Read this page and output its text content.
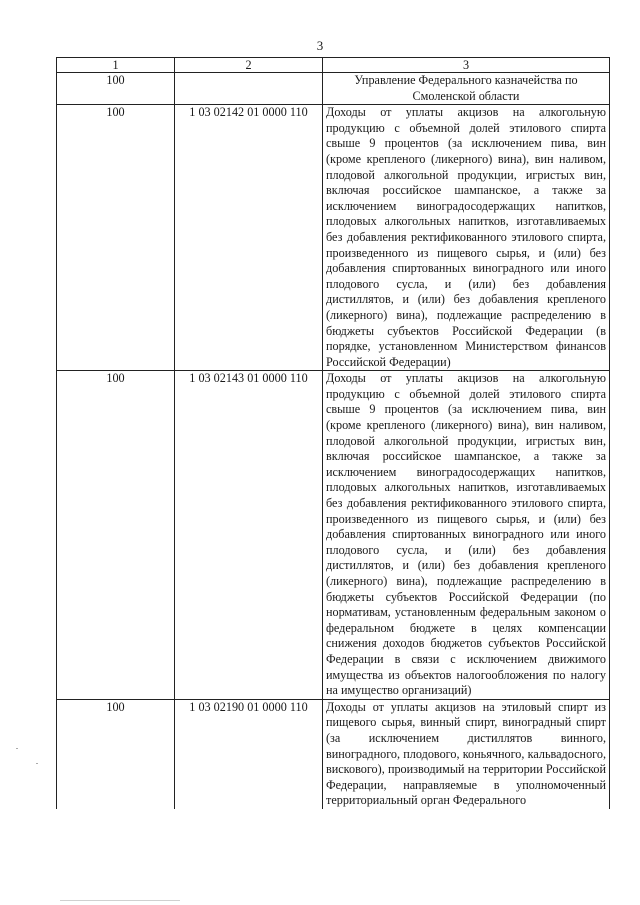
3
1	2	3
100		Управление Федерального казначейства по Смоленской области
100	1 03 02142 01 0000 110	Доходы от уплаты акцизов на алкогольную продукцию с объемной долей этилового спирта свыше 9 процентов (за исключением пива, вин (кроме крепленого (ликерного) вина), вин наливом, плодовой алкогольной продукции, игристых вин, включая российское шампанское, а также за исключением виноградосодержащих напитков, плодовых алкогольных напитков, изготавливаемых без добавления ректификованного этилового спирта, произведенного из пищевого сырья, и (или) без добавления спиртованных виноградного или иного плодового сусла, и (или) без добавления дистиллятов, и (или) без добавления крепленого (ликерного) вина), подлежащие распределению в бюджеты субъектов Российской Федерации (в порядке, установленном Министерством финансов Российской Федерации)
100	1 03 02143 01 0000 110	Доходы от уплаты акцизов на алкогольную продукцию с объемной долей этилового спирта свыше 9 процентов (за исключением пива, вин (кроме крепленого (ликерного) вина), вин наливом, плодовой алкогольной продукции, игристых вин, включая российское шампанское, а также за исключением виноградосодержащих напитков, плодовых алкогольных напитков, изготавливаемых без добавления ректификованного этилового спирта, произведенного из пищевого сырья, и (или) без добавления спиртованных виноградного или иного плодового сусла, и (или) без добавления дистиллятов, и (или) без добавления крепленого (ликерного) вина), подлежащие распределению в бюджеты субъектов Российской Федерации (по нормативам, установленным федеральным законом о федеральном бюджете в целях компенсации снижения доходов бюджетов субъектов Российской Федерации в связи с исключением движимого имущества из объектов налогообложения по налогу на имущество организаций)
100	1 03 02190 01 0000 110	Доходы от уплаты акцизов на этиловый спирт из пищевого сырья, винный спирт, виноградный спирт (за исключением дистиллятов винного, виноградного, плодового, коньячного, кальвадосного, вискового), производимый на территории Российской Федерации, направляемые в уполномоченный территориальный орган Федерального
